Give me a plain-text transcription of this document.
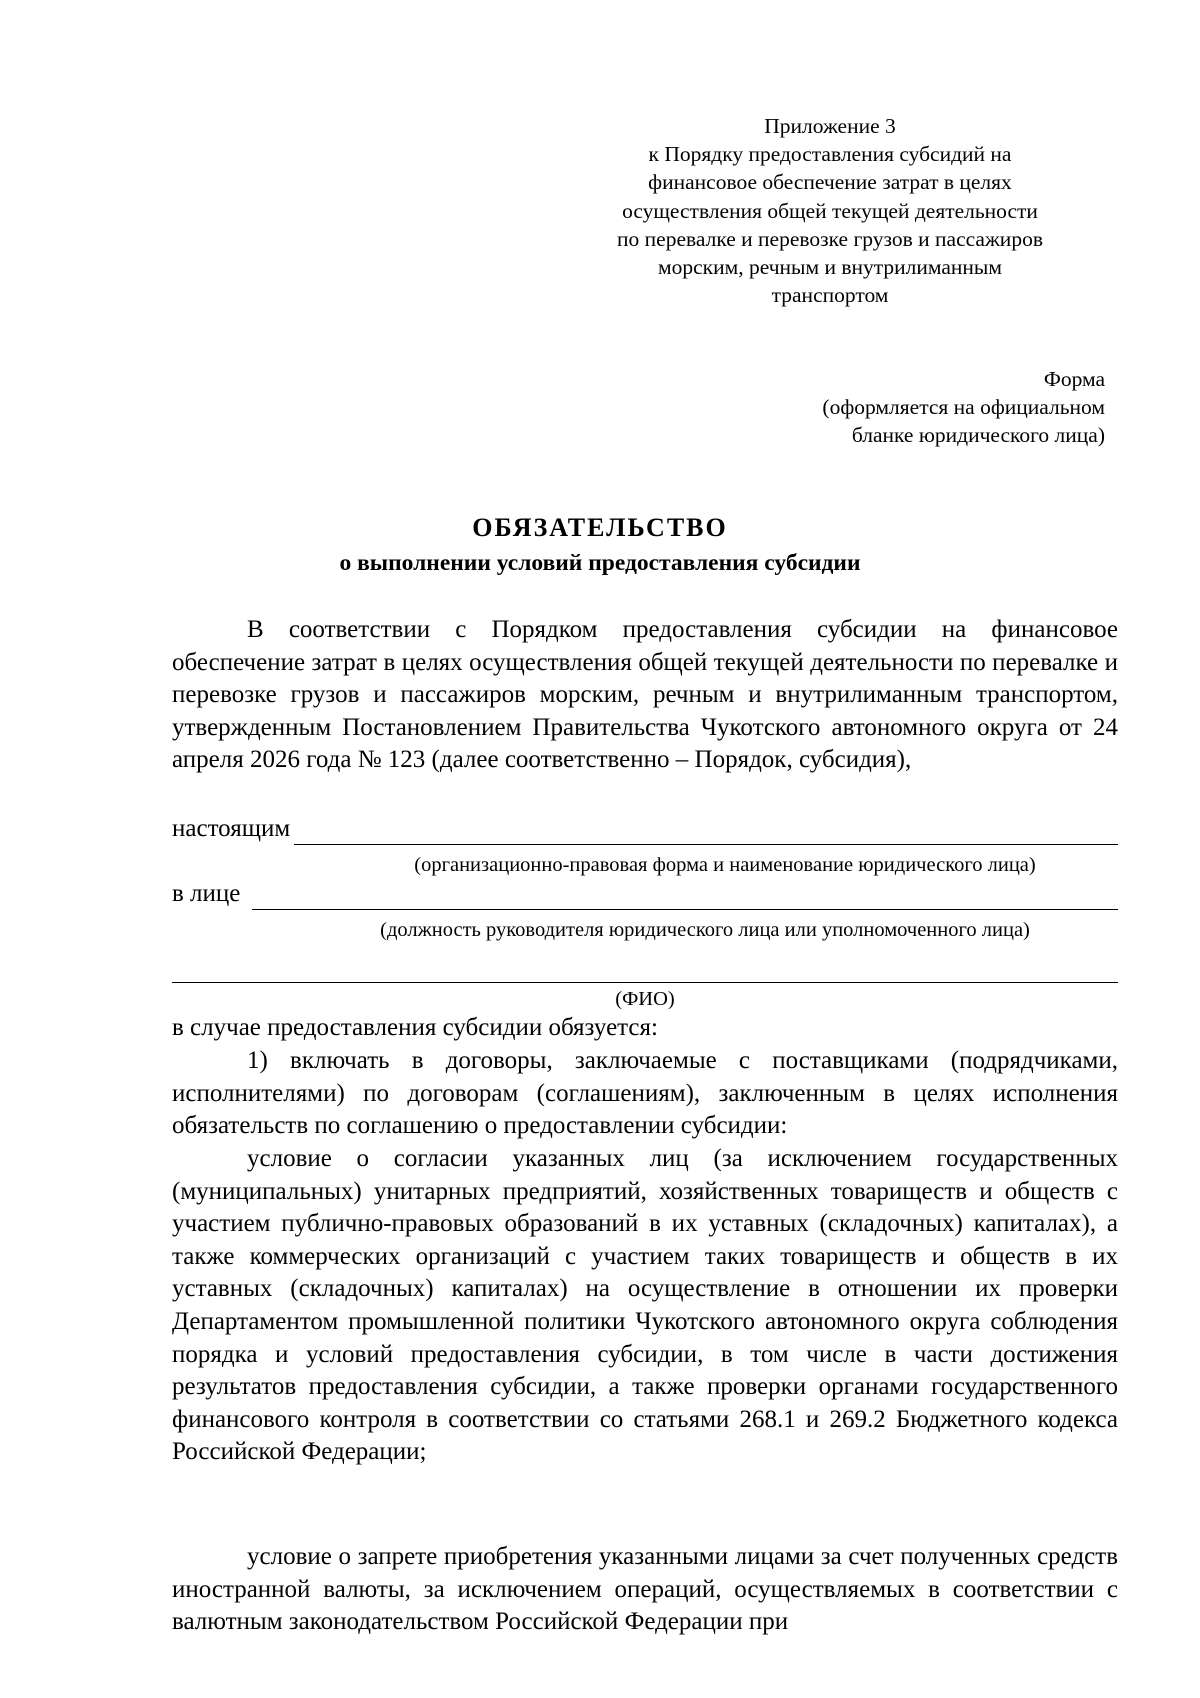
Приложение 3
к Порядку предоставления субсидий на
финансовое обеспечение затрат в целях
осуществления общей текущей деятельности
по перевалке и перевозке грузов и пассажиров
морским, речным и внутрилиманным
транспортом
Форма
(оформляется на официальном
бланке юридического лица)
ОБЯЗАТЕЛЬСТВО
о выполнении условий предоставления субсидии
В соответствии с Порядком предоставления субсидии на финансовое обеспечение затрат в целях осуществления общей текущей деятельности по перевалке и перевозке грузов и пассажиров морским, речным и внутрилиманным транспортом, утвержденным Постановлением Правительства Чукотского автономного округа от 24 апреля 2026 года № 123 (далее соответственно – Порядок, субсидия),
настоящим
(организационно-правовая форма и наименование юридического лица)
в лице
(должность руководителя юридического лица или уполномоченного лица)
(ФИО)
в случае предоставления субсидии обязуется:
1) включать в договоры, заключаемые с поставщиками (подрядчиками, исполнителями) по договорам (соглашениям), заключенным в целях исполнения обязательств по соглашению о предоставлении субсидии:
условие о согласии указанных лиц (за исключением государственных (муниципальных) унитарных предприятий, хозяйственных товариществ и обществ с участием публично-правовых образований в их уставных (складочных) капиталах), а также коммерческих организаций с участием таких товариществ и обществ в их уставных (складочных) капиталах) на осуществление в отношении их проверки Департаментом промышленной политики Чукотского автономного округа соблюдения порядка и условий предоставления субсидии, в том числе в части достижения результатов предоставления субсидии, а также проверки органами государственного финансового контроля в соответствии со статьями 268.1 и 269.2 Бюджетного кодекса Российской Федерации;
условие о запрете приобретения указанными лицами за счет полученных средств иностранной валюты, за исключением операций, осуществляемых в соответствии с валютным законодательством Российской Федерации при
